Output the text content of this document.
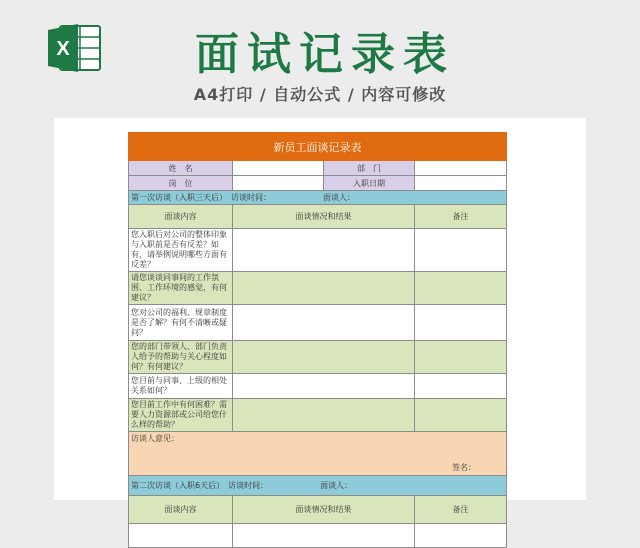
X	面试记录表
A4打印 / 自动公式 / 内容可修改
新员工面谈记录表			
姓　名		部　门	
岗　位		入职日期	
第一次访谈（入职三天后）　访谈时间：　　　　　　　面谈人：			
面谈内容	面谈情况和结果		备注
您入职后对公司的整体印象与入职前是否有反差？如有，请举例说明哪些方面有反差？			
请您谈谈同事间的工作氛围、工作环境的感觉，有何建议？			
您对公司的福利、规章制度是否了解？有何不清晰或疑问？			
您的部门带领人、部门负责人给予的帮助与关心程度如何？有何建议？			
您目前与同事、上级的相处关系如何？			
您目前工作中有何困难？需要人力资源部或公司给您什么样的帮助？			

访谈人意见：
签名：			

第二次访谈（入职6天后）　访谈时间：　　　　　　　面谈人：			
面谈内容	面谈情况和结果		备注
